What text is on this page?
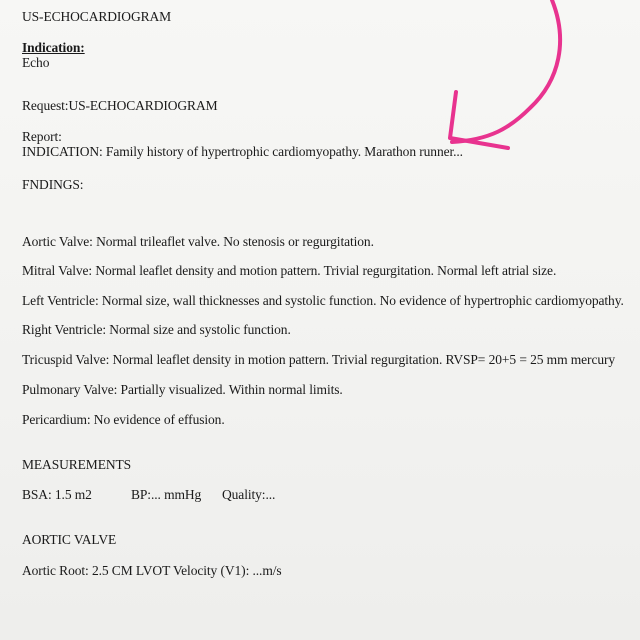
US-ECHOCARDIOGRAM
Indication:
Echo
Request:US-ECHOCARDIOGRAM
Report:
INDICATION: Family history of hypertrophic cardiomyopathy. Marathon runner...
FNDINGS:
Aortic Valve: Normal trileaflet valve. No stenosis or regurgitation.
Mitral Valve: Normal leaflet density and motion pattern. Trivial regurgitation. Normal left atrial size.
Left Ventricle: Normal size, wall thicknesses and systolic function. No evidence of hypertrophic cardiomyopathy.
Right Ventricle: Normal size and systolic function.
Tricuspid Valve: Normal leaflet density in motion pattern. Trivial regurgitation. RVSP= 20+5 = 25 mm mercury
Pulmonary Valve: Partially visualized. Within normal limits.
Pericardium: No evidence of effusion.
MEASUREMENTS
BSA: 1.5 m2	BP:... mmHg Quality:...
AORTIC VALVE
Aortic Root: 2.5 CM LVOT Velocity (V1): ...m/s
